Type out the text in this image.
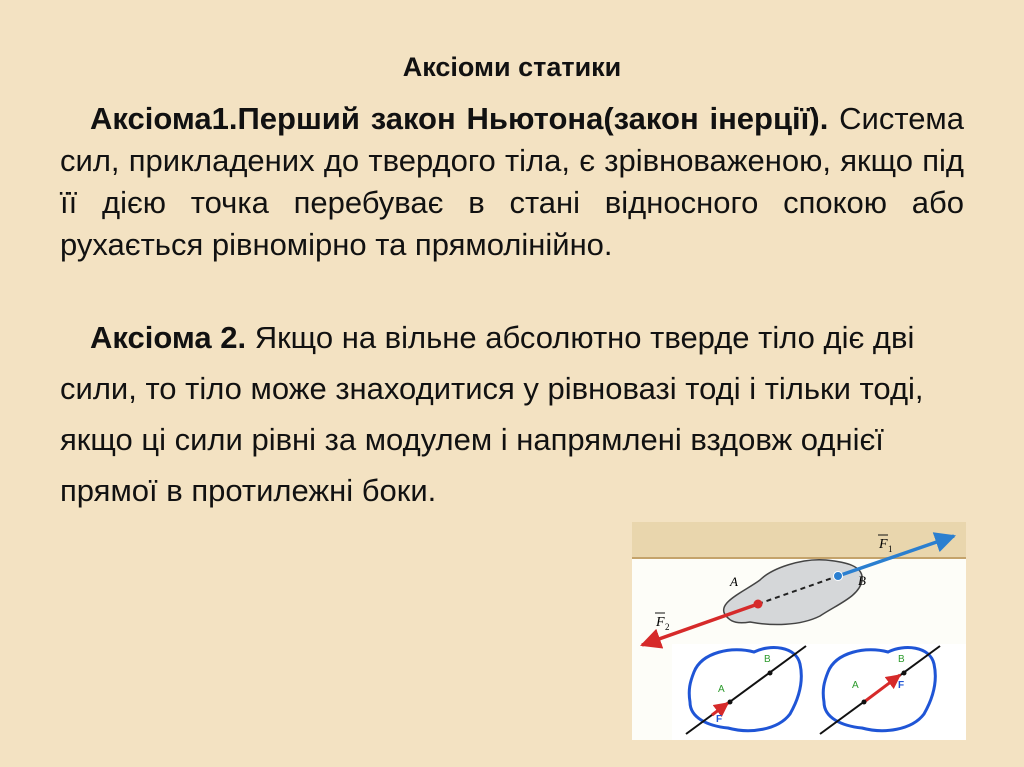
Аксіоми статики
Аксіома1.Перший закон Ньютона(закон інерції). Система сил, прикладених до твердого тіла, є зрівноваженою, якщо під її дією точка перебуває в стані відносного спокою або рухається рівномірно та прямолінійно.
Аксіома 2. Якщо на вільне абсолютно тверде тіло діє дві сили, то тіло може знаходитися у рівновазі тоді і тільки тоді, якщо ці сили рівні за модулем і напрямлені вздовж однієї прямої в протилежні боки.
A	B
F 1
F 2
A
B
F
A
B
F
